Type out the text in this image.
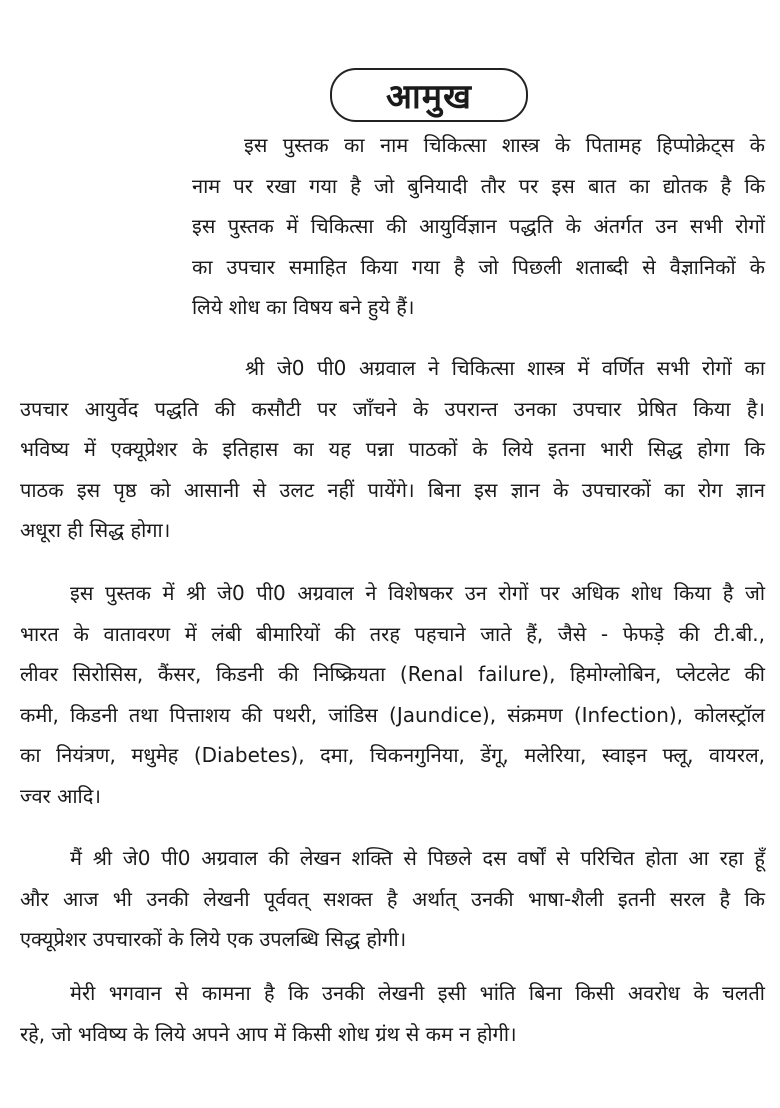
आमुख
इस पुस्तक का नाम चिकित्सा शास्त्र के पितामह हिप्पोक्रेट्स के
नाम पर रखा गया है जो बुनियादी तौर पर इस बात का द्योतक है कि
इस पुस्तक में चिकित्सा की आयुर्विज्ञान पद्धति के अंतर्गत उन सभी रोगों
का उपचार समाहित किया गया है जो पिछली शताब्दी से वैज्ञानिकों के
लिये शोध का विषय बने हुये हैं।
श्री जे0 पी0 अग्रवाल ने चिकित्सा शास्त्र में वर्णित सभी रोगों का
उपचार आयुर्वेद पद्धति की कसौटी पर जाँचने के उपरान्त उनका उपचार प्रेषित किया है।
भविष्य में एक्यूप्रेशर के इतिहास का यह पन्ना पाठकों के लिये इतना भारी सिद्ध होगा कि
पाठक इस पृष्ठ को आसानी से उलट नहीं पायेंगे। बिना इस ज्ञान के उपचारकों का रोग ज्ञान
अधूरा ही सिद्ध होगा।
इस पुस्तक में श्री जे0 पी0 अग्रवाल ने विशेषकर उन रोगों पर अधिक शोध किया है जो
भारत के वातावरण में लंबी बीमारियों की तरह पहचाने जाते हैं, जैसे - फेफड़े की टी.बी.,
लीवर सिरोसिस, कैंसर, किडनी की निष्क्रियता (Renal failure), हिमोग्लोबिन, प्लेटलेट की
कमी, किडनी तथा पित्ताशय की पथरी, जांडिस (Jaundice), संक्रमण (Infection), कोलस्ट्रॉल
का नियंत्रण, मधुमेह (Diabetes), दमा, चिकनगुनिया, डेंगू, मलेरिया, स्वाइन फ्लू, वायरल,
ज्वर आदि।
मैं श्री जे0 पी0 अग्रवाल की लेखन शक्ति से पिछले दस वर्षों से परिचित होता आ रहा हूँ
और आज भी उनकी लेखनी पूर्ववत् सशक्त है अर्थात् उनकी भाषा-शैली इतनी सरल है कि
एक्यूप्रेशर उपचारकों के लिये एक उपलब्धि सिद्ध होगी।
मेरी भगवान से कामना है कि उनकी लेखनी इसी भांति बिना किसी अवरोध के चलती
रहे, जो भविष्य के लिये अपने आप में किसी शोध ग्रंथ से कम न होगी।
